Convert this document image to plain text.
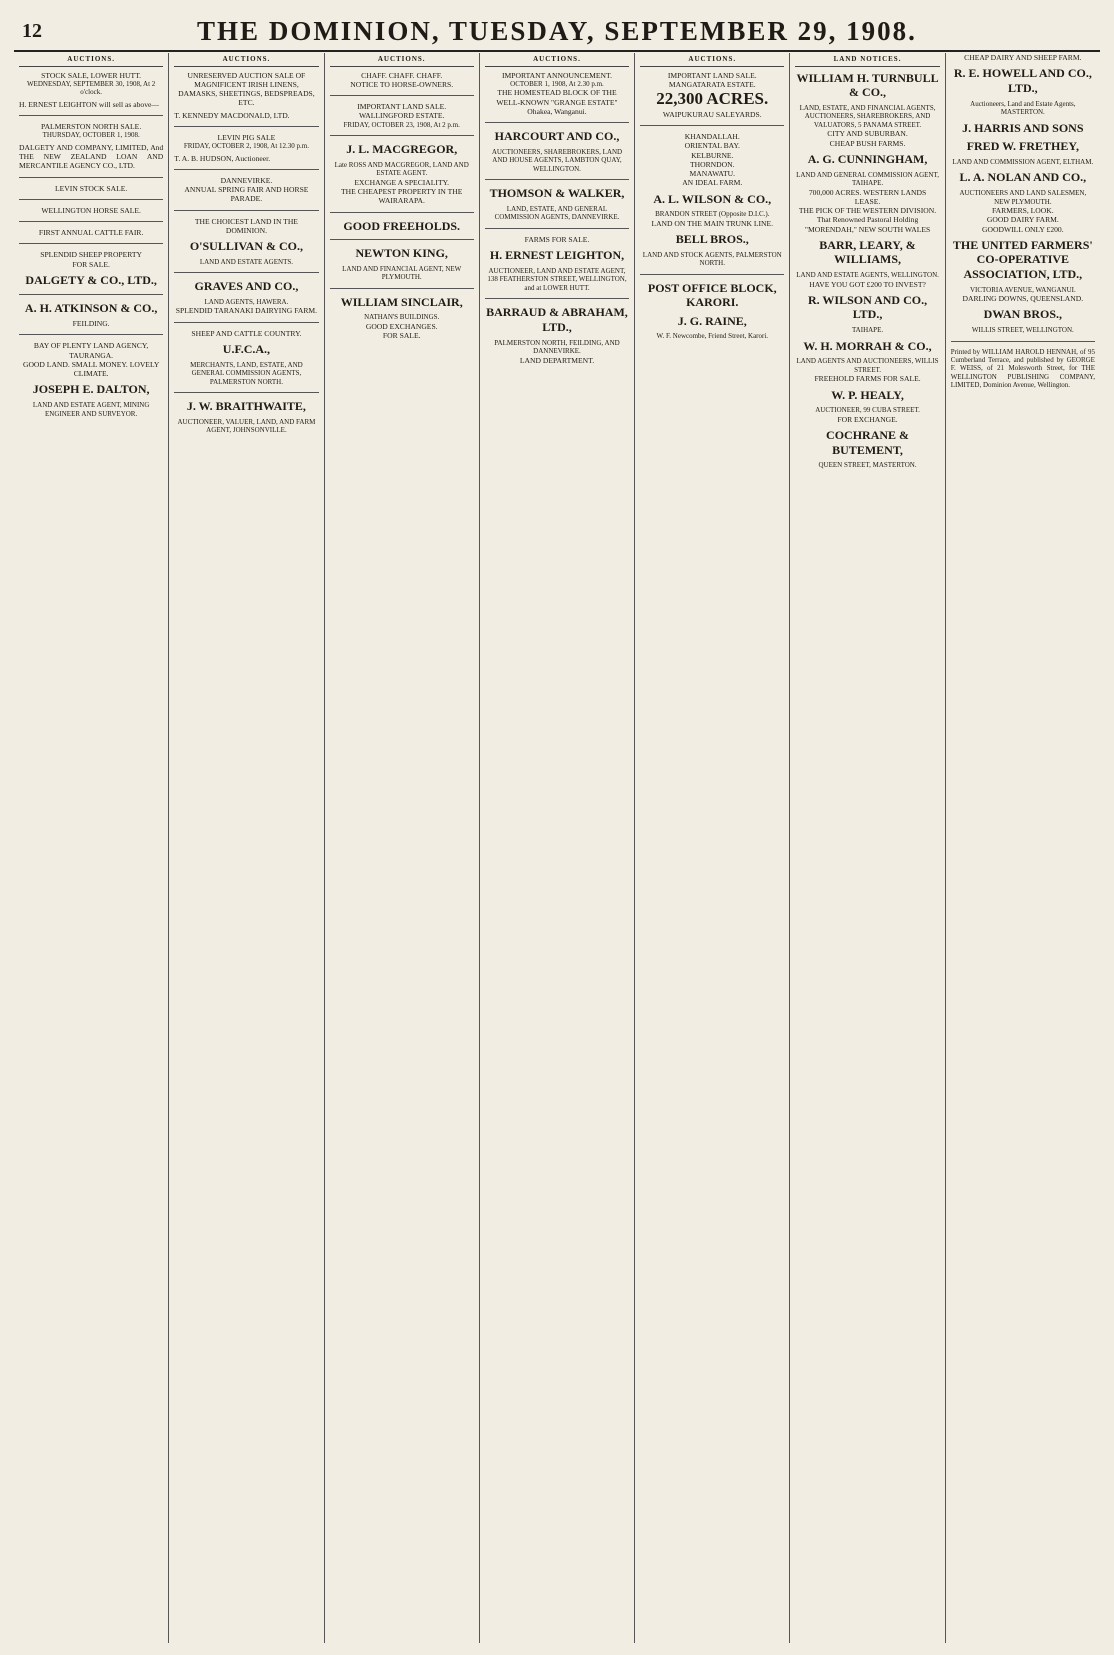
12	THE DOMINION, TUESDAY, SEPTEMBER 29, 1908.
AUCTIONS.
STOCK SALE, LOWER HUTT.
WEDNESDAY, SEPTEMBER 30, 1908, At 2 o'clock.

H. ERNEST LEIGHTON will sell as above—

PALMERSTON NORTH SALE.
THURSDAY, OCTOBER 1, 1908.

DALGETY AND COMPANY, LIMITED, And THE NEW ZEALAND LOAN AND MERCANTILE AGENCY CO., LTD.

LEVIN STOCK SALE.
WELLINGTON HORSE SALE.
FIRST ANNUAL CATTLE FAIR.
SPLENDID SHEEP PROPERTY
FOR SALE.
DALGETY & CO., LTD.,
A. H. ATKINSON & CO.,
FEILDING.
BAY OF PLENTY LAND AGENCY, TAURANGA.
GOOD LAND. SMALL MONEY. LOVELY CLIMATE.
JOSEPH E. DALTON,
LAND AND ESTATE AGENT, MINING ENGINEER AND SURVEYOR.
AUCTIONS.
UNRESERVED AUCTION SALE OF MAGNIFICENT IRISH LINENS, DAMASKS, SHEETINGS, BEDSPREADS, ETC.

T. KENNEDY MACDONALD, LTD.

LEVIN PIG SALE
FRIDAY, OCTOBER 2, 1908, At 12.30 p.m.

T. A. B. HUDSON, Auctioneer.

DANNEVIRKE.
ANNUAL SPRING FAIR AND HORSE PARADE.
THE CHOICEST LAND IN THE DOMINION.
O'SULLIVAN & CO.,
LAND AND ESTATE AGENTS.
GRAVES AND CO.,
LAND AGENTS, HAWERA.
SPLENDID TARANAKI DAIRYING FARM.
SHEEP AND CATTLE COUNTRY.
U.F.C.A.,
MERCHANTS, LAND, ESTATE, AND GENERAL COMMISSION AGENTS, PALMERSTON NORTH.
J. W. BRAITHWAITE,
AUCTIONEER, VALUER, LAND, AND FARM AGENT, JOHNSONVILLE.
AUCTIONS.
CHAFF. CHAFF. CHAFF.
NOTICE TO HORSE-OWNERS.
IMPORTANT LAND SALE.
WALLINGFORD ESTATE.
FRIDAY, OCTOBER 23, 1908, At 2 p.m.
J. L. MACGREGOR,
Late ROSS AND MACGREGOR, LAND AND ESTATE AGENT.
EXCHANGE A SPECIALITY.
THE CHEAPEST PROPERTY IN THE WAIRARAPA.
GOOD FREEHOLDS.
NEWTON KING,
LAND AND FINANCIAL AGENT, NEW PLYMOUTH.
WILLIAM SINCLAIR,
NATHAN'S BUILDINGS.
GOOD EXCHANGES.
FOR SALE.
AUCTIONS.
IMPORTANT ANNOUNCEMENT.
OCTOBER 1, 1908, At 2.30 p.m.
THE HOMESTEAD BLOCK OF THE WELL-KNOWN "GRANGE ESTATE" Ohakea, Wanganui.
HARCOURT AND CO.,
AUCTIONEERS, SHAREBROKERS, LAND AND HOUSE AGENTS, LAMBTON QUAY, WELLINGTON.
THOMSON & WALKER,
LAND, ESTATE, AND GENERAL COMMISSION AGENTS, DANNEVIRKE.
FARMS FOR SALE.
H. ERNEST LEIGHTON,
AUCTIONEER, LAND AND ESTATE AGENT, 138 FEATHERSTON STREET, WELLINGTON, and at LOWER HUTT.
BARRAUD & ABRAHAM, LTD.,
PALMERSTON NORTH, FEILDING, AND DANNEVIRKE.
LAND DEPARTMENT.
AUCTIONS.
IMPORTANT LAND SALE.
MANGATARATA ESTATE.
22,300 ACRES.
WAIPUKURAU SALEYARDS.
KHANDALLAH.
ORIENTAL BAY.
KELBURNE.
THORNDON.
MANAWATU.
AN IDEAL FARM.
A. L. WILSON & CO.,
BRANDON STREET (Opposite D.I.C.).
LAND ON THE MAIN TRUNK LINE.
BELL BROS.,
LAND AND STOCK AGENTS, PALMERSTON NORTH.
POST OFFICE BLOCK, KARORI.
J. G. RAINE,
W. F. Newcombe, Friend Street, Karori.
LAND NOTICES.
WILLIAM H. TURNBULL & CO.,
LAND, ESTATE, AND FINANCIAL AGENTS, AUCTIONEERS, SHAREBROKERS, AND VALUATORS, 5 PANAMA STREET.
CITY AND SUBURBAN.
CHEAP BUSH FARMS.
A. G. CUNNINGHAM,
LAND AND GENERAL COMMISSION AGENT, TAIHAPE.
700,000 ACRES. WESTERN LANDS LEASE.
THE PICK OF THE WESTERN DIVISION.
That Renowned Pastoral Holding "MORENDAH," NEW SOUTH WALES
BARR, LEARY, & WILLIAMS,
LAND AND ESTATE AGENTS, WELLINGTON.
HAVE YOU GOT £200 TO INVEST?
R. WILSON AND CO., LTD.,
TAIHAPE.
W. H. MORRAH & CO.,
LAND AGENTS AND AUCTIONEERS, WILLIS STREET.
FREEHOLD FARMS FOR SALE.
W. P. HEALY,
AUCTIONEER, 99 CUBA STREET.
FOR EXCHANGE.
COCHRANE & BUTEMENT,
QUEEN STREET, MASTERTON.
CHEAP DAIRY AND SHEEP FARM.
R. E. HOWELL AND CO., LTD.,
Auctioneers, Land and Estate Agents, MASTERTON.
J. HARRIS AND SONS
FRED W. FRETHEY,
LAND AND COMMISSION AGENT, ELTHAM.
L. A. NOLAN AND CO.,
AUCTIONEERS AND LAND SALESMEN, NEW PLYMOUTH.
FARMERS, LOOK.
GOOD DAIRY FARM.
GOODWILL ONLY £200.
THE UNITED FARMERS' CO-OPERATIVE ASSOCIATION, LTD.,
VICTORIA AVENUE, WANGANUI.
DARLING DOWNS, QUEENSLAND.
DWAN BROS.,
WILLIS STREET, WELLINGTON.

Printed by WILLIAM HAROLD HENNAH, of 95 Cumberland Terrace, and published by GEORGE F. WEISS, of 21 Molesworth Street, for THE WELLINGTON PUBLISHING COMPANY, LIMITED, Dominion Avenue, Wellington.
